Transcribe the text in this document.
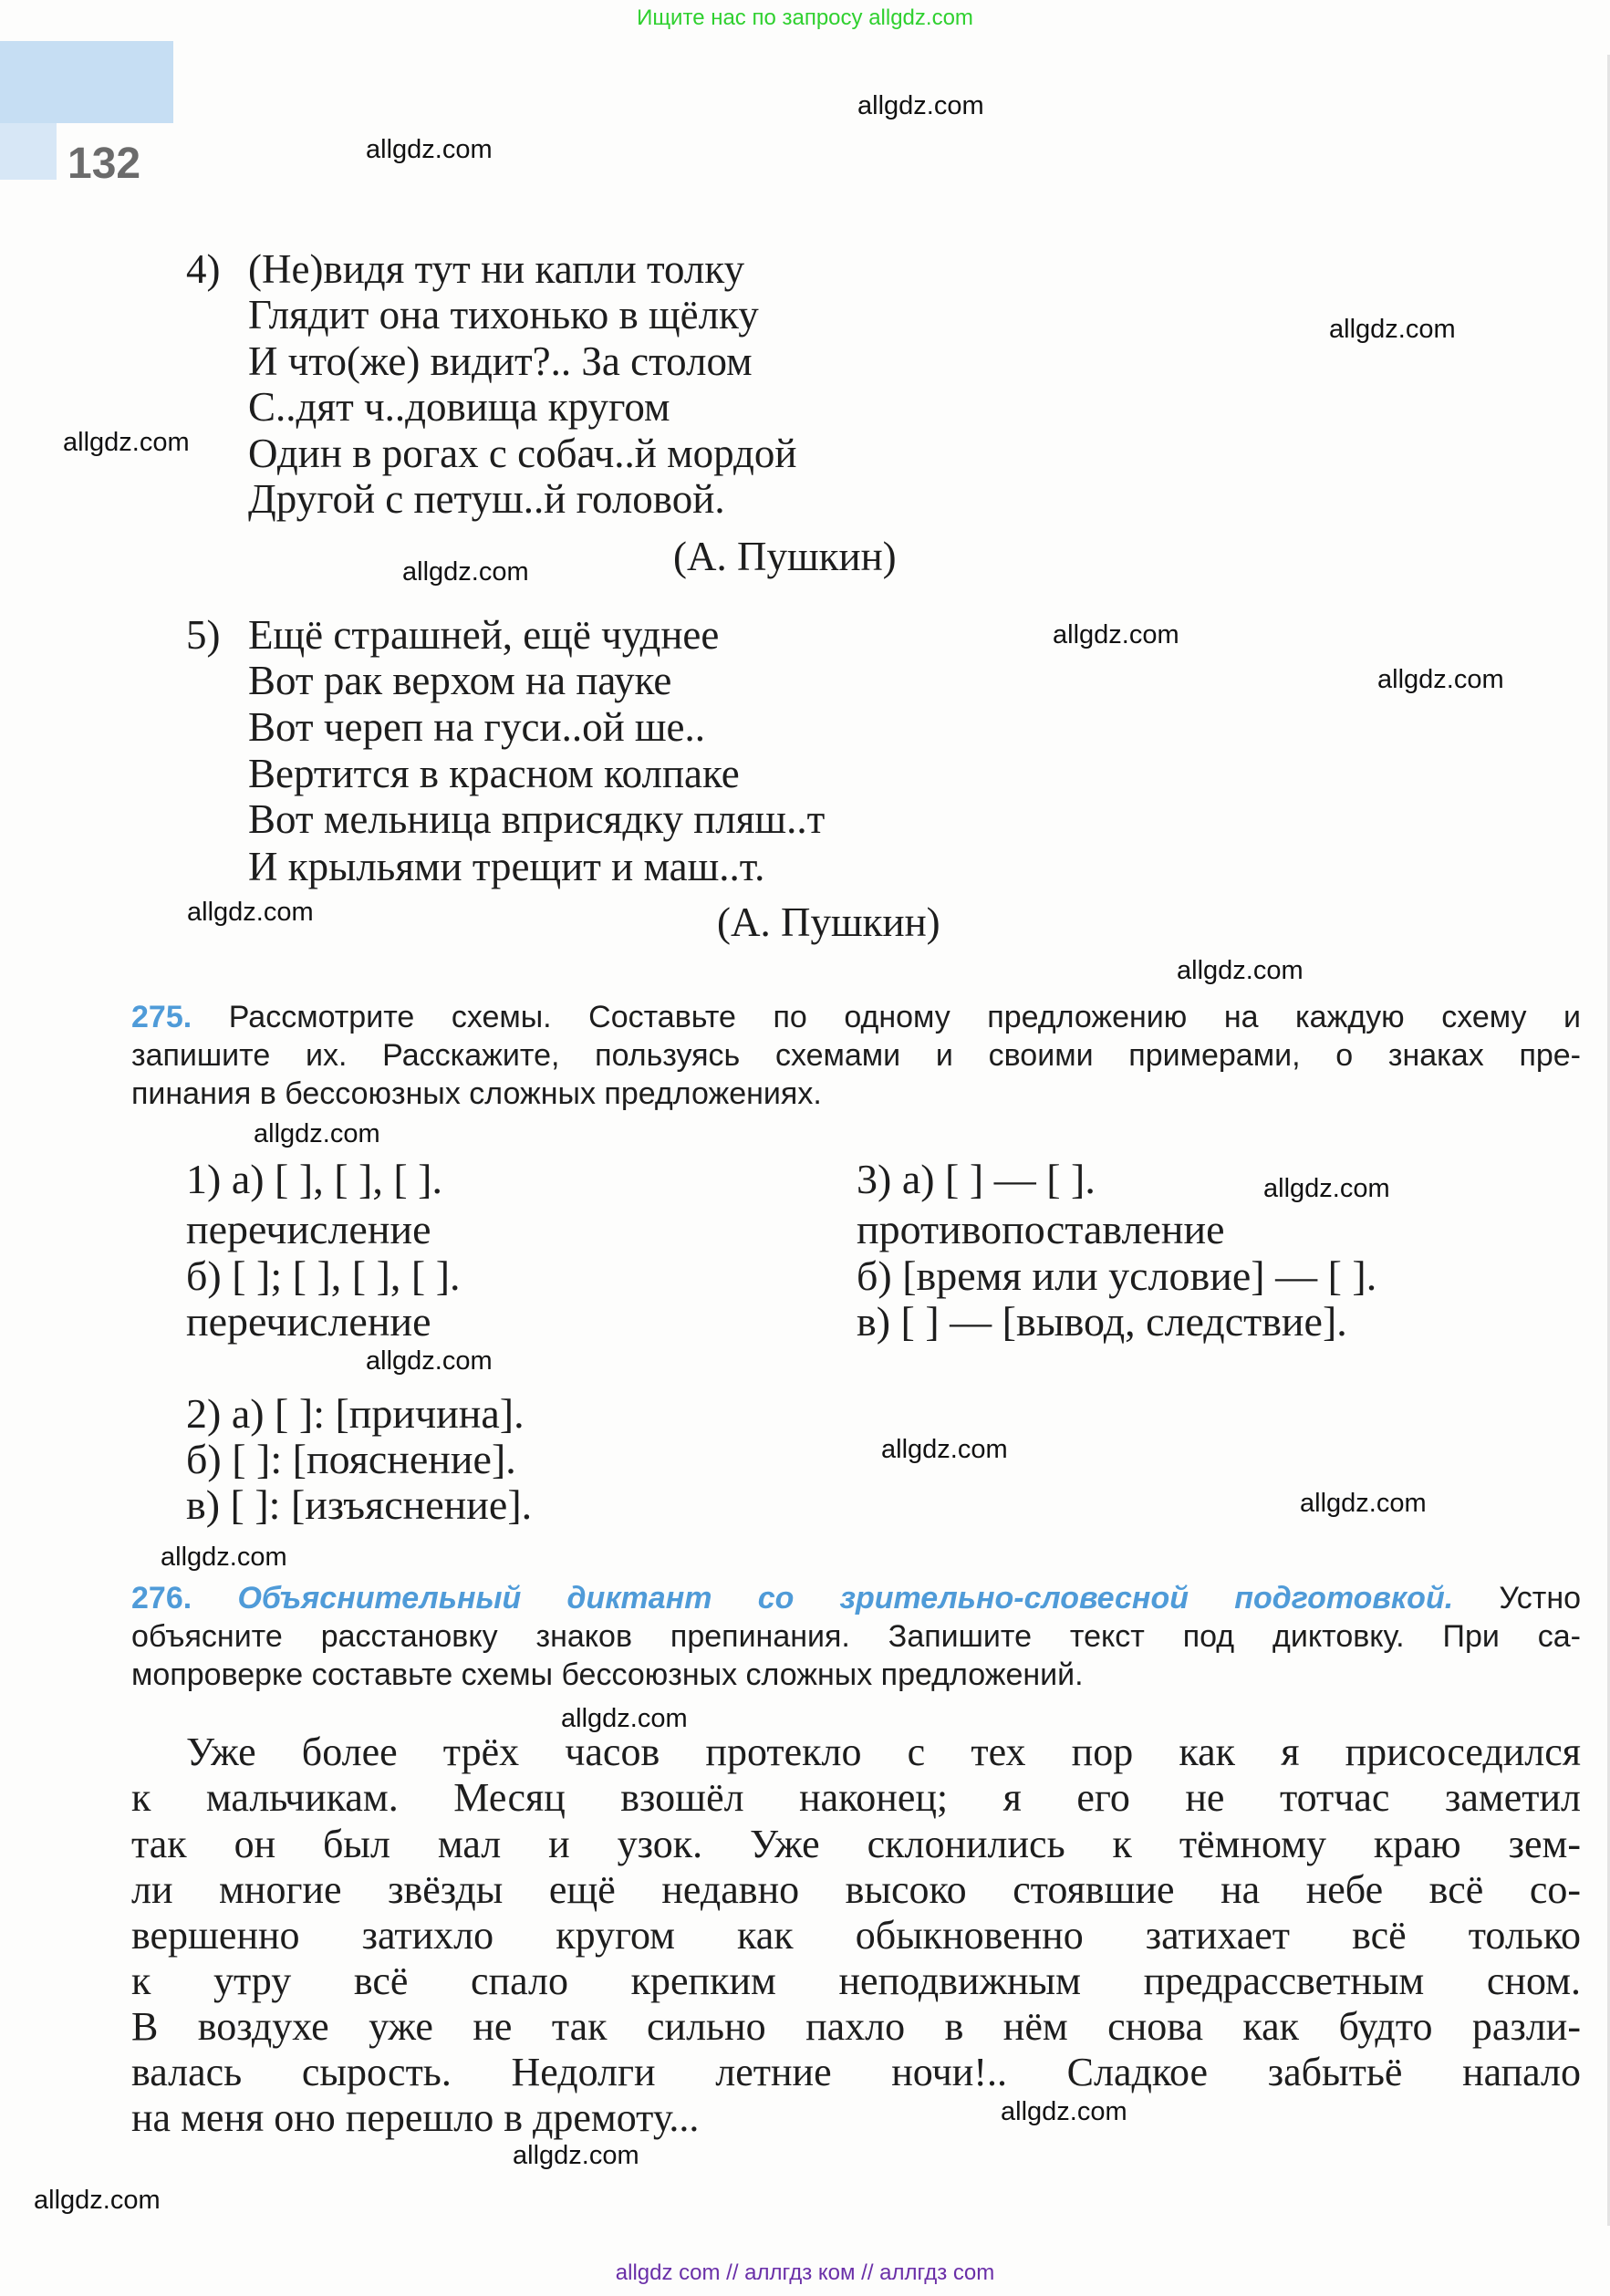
Ищите нас по запросу allgdz.com
132
4) (Не)видя тут ни капли толку
Глядит она тихонько в щёлку
И что(же) видит?.. За столом
С..дят ч..довища кругом
Один в рогах с собач..й мордой
Другой с петуш..й головой.
(А. Пушкин)
5) Ещё страшней, ещё чуднее
Вот рак верхом на пауке
Вот череп на гуси..ой ше..
Вертится в красном колпаке
Вот мельница вприсядку пляш..т
И крыльями трещит и маш..т.
(А. Пушкин)
275. Рассмотрите схемы. Составьте по одному предложению на каждую схему и
запишите их. Расскажите, пользуясь схемами и своими примерами, о знаках пре-
пинания в бессоюзных сложных предложениях.
1) а) [ ], [ ], [ ].
перечисление
б) [ ]; [ ], [ ], [ ].
перечисление
2) а) [ ]: [причина].
б) [ ]: [пояснение].
в) [ ]: [изъяснение].
3) а) [ ] — [ ].
противопоставление
б) [время или условие] — [ ].
в) [ ] — [вывод, следствие].
276. Объяснительный диктант со зрительно-словесной подготовкой. Устно
объясните расстановку знаков препинания. Запишите текст под диктовку. При са-
мопроверке составьте схемы бессоюзных сложных предложений.
Уже более трёх часов протекло с тех пор как я присоседился
к мальчикам. Месяц взошёл наконец; я его не тотчас заметил
так он был мал и узок. Уже склонились к тёмному краю зем-
ли многие звёзды ещё недавно высоко стоявшие на небе всё со-
вершенно затихло кругом как обыкновенно затихает всё только
к утру всё спало крепким неподвижным предрассветным сном.
В воздухе уже не так сильно пахло в нём снова как будто разли-
валась сырость. Недолги летние ночи!.. Сладкое забытьё напало
на меня оно перешло в дремоту...
allgdz.com
allgdz.com
allgdz.com
allgdz.com
allgdz.com
allgdz.com
allgdz.com
allgdz.com
allgdz.com
allgdz.com
allgdz.com
allgdz.com
allgdz.com
allgdz.com
allgdz.com
allgdz.com
allgdz.com
allgdz.com
allgdz.com
allgdz com // аллгдз ком // аллгдз com
